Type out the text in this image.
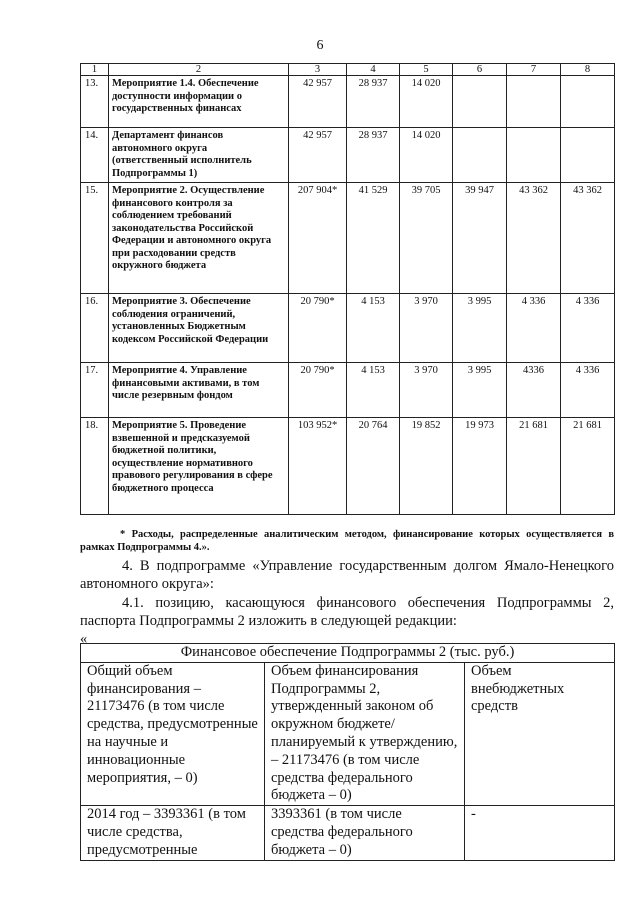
6
1	2	3	4	5	6	7	8
13.	Мероприятие 1.4. Обеспечение доступности информации о государственных финансах	42 957	28 937	14 020			
14.	Департамент финансов автономного округа (ответственный исполнитель Подпрограммы 1)	42 957	28 937	14 020			
15.	Мероприятие 2. Осуществление финансового контроля за соблюдением требований законодательства Российской Федерации и автономного округа при расходовании средств окружного бюджета	207 904*	41 529	39 705	39 947	43 362	43 362
16.	Мероприятие 3. Обеспечение соблюдения ограничений, установленных Бюджетным кодексом Российской Федерации	20 790*	4 153	3 970	3 995	4 336	4 336
17.	Мероприятие 4. Управление финансовыми активами, в том числе резервным фондом	20 790*	4 153	3 970	3 995	4336	4 336
18.	Мероприятие 5. Проведение взвешенной и предсказуемой бюджетной политики, осуществление нормативного правового регулирования в сфере бюджетного процесса	103 952*	20 764	19 852	19 973	21 681	21 681
* Расходы, распределенные аналитическим методом, финансирование которых осуществляется в рамках Подпрограммы 4.».
4. В подпрограмме «Управление государственным долгом Ямало-Ненецкого автономного округа»:
4.1. позицию, касающуюся финансового обеспечения Подпрограммы 2, паспорта Подпрограммы 2 изложить в следующей редакции:
«
Финансовое обеспечение Подпрограммы 2 (тыс. руб.)		
Общий объем финансирования – 21173476 (в том числе средства, предусмотренные на научные и инновационные мероприятия, – 0)	Объем финансирования Подпрограммы 2, утвержденный законом об окружном бюджете/ планируемый к утверждению, – 21173476 (в том числе средства федерального бюджета – 0)	Объем внебюджетных средств
2014 год – 3393361 (в том числе средства, предусмотренные	3393361 (в том числе средства федерального бюджета – 0)	-
